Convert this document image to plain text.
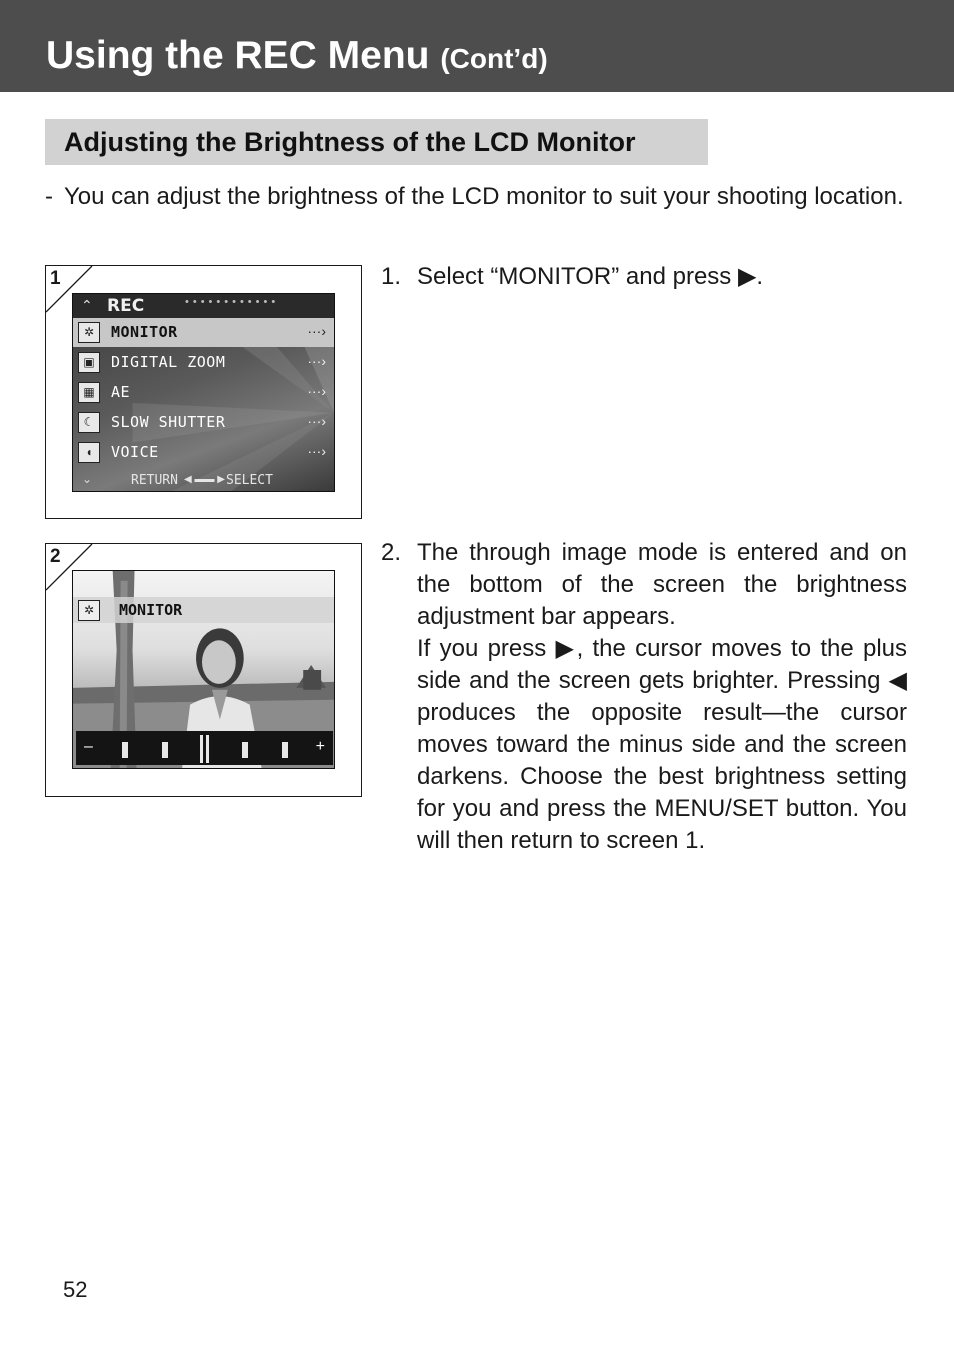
Using the REC Menu (Cont’d)
Adjusting the Brightness of the LCD Monitor
- You can adjust the brightness of the LCD monitor to suit your shooting location.
1
⌃ REC	••••••••••••
✲	MONITOR	···›
▣	DIGITAL ZOOM	···›
▦	AE	···›
☾	SLOW SHUTTER	···›
◖	VOICE	···›
⌄	RETURN ◀ ▬▬ ▶ SELECT
2
✲	MONITOR
–	+
1. Select “MONITOR” and press ▶.
2. The through image mode is entered and on the bottom of the screen the brightness adjustment bar appears.
If you press ▶, the cursor moves to the plus side and the screen gets brighter. Pressing ◀ produces the opposite result—the cursor moves toward the minus side and the screen darkens. Choose the best brightness setting for you and press the MENU/SET button. You will then return to screen 1.
52
